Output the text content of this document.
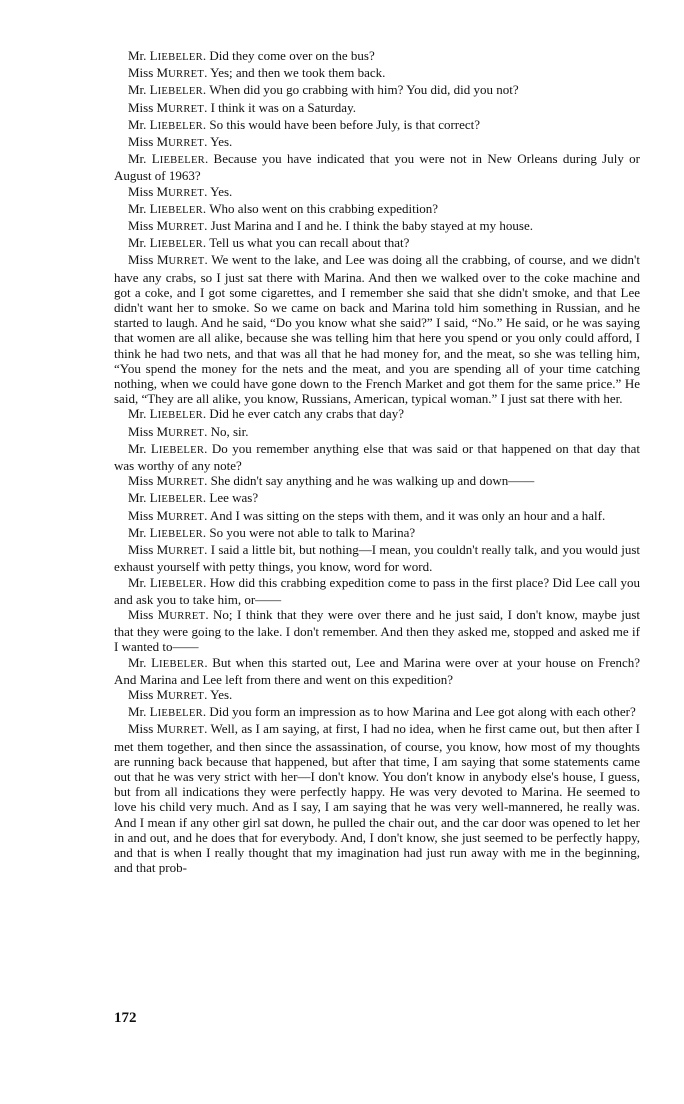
Mr. LIEBELER. Did they come over on the bus?

Miss MURRET. Yes; and then we took them back.

Mr. LIEBELER. When did you go crabbing with him? You did, did you not?

Miss MURRET. I think it was on a Saturday.

Mr. LIEBELER. So this would have been before July, is that correct?

Miss MURRET. Yes.

Mr. LIEBELER. Because you have indicated that you were not in New Orleans during July or August of 1963?

Miss MURRET. Yes.

Mr. LIEBELER. Who also went on this crabbing expedition?

Miss MURRET. Just Marina and I and he. I think the baby stayed at my house.

Mr. LIEBELER. Tell us what you can recall about that?

Miss MURRET. We went to the lake, and Lee was doing all the crabbing, of course, and we didn't have any crabs, so I just sat there with Marina. And then we walked over to the coke machine and got a coke, and I got some cigarettes, and I remember she said that she didn't smoke, and that Lee didn't want her to smoke. So we came on back and Marina told him something in Russian, and he started to laugh. And he said, “Do you know what she said?” I said, “No.” He said, or he was saying that women are all alike, because she was telling him that here you spend or you only could afford, I think he had two nets, and that was all that he had money for, and the meat, so she was telling him, “You spend the money for the nets and the meat, and you are spending all of your time catching nothing, when we could have gone down to the French Market and got them for the same price.” He said, “They are all alike, you know, Russians, American, typical woman.” I just sat there with her.

Mr. LIEBELER. Did he ever catch any crabs that day?

Miss MURRET. No, sir.

Mr. LIEBELER. Do you remember anything else that was said or that happened on that day that was worthy of any note?

Miss MURRET. She didn't say anything and he was walking up and down——

Mr. LIEBELER. Lee was?

Miss MURRET. And I was sitting on the steps with them, and it was only an hour and a half.

Mr. LIEBELER. So you were not able to talk to Marina?

Miss MURRET. I said a little bit, but nothing—I mean, you couldn't really talk, and you would just exhaust yourself with petty things, you know, word for word.

Mr. LIEBELER. How did this crabbing expedition come to pass in the first place? Did Lee call you and ask you to take him, or——

Miss MURRET. No; I think that they were over there and he just said, I don't know, maybe just that they were going to the lake. I don't remember. And then they asked me, stopped and asked me if I wanted to——

Mr. LIEBELER. But when this started out, Lee and Marina were over at your house on French? And Marina and Lee left from there and went on this expedition?

Miss MURRET. Yes.

Mr. LIEBELER. Did you form an impression as to how Marina and Lee got along with each other?

Miss MURRET. Well, as I am saying, at first, I had no idea, when he first came out, but then after I met them together, and then since the assassination, of course, you know, how most of my thoughts are running back because that happened, but after that time, I am saying that some statements came out that he was very strict with her—I don't know. You don't know in anybody else's house, I guess, but from all indications they were perfectly happy. He was very devoted to Marina. He seemed to love his child very much. And as I say, I am saying that he was very well-mannered, he really was. And I mean if any other girl sat down, he pulled the chair out, and the car door was opened to let her in and out, and he does that for everybody. And, I don't know, she just seemed to be perfectly happy, and that is when I really thought that my imagination had just run away with me in the beginning, and that prob-

172
